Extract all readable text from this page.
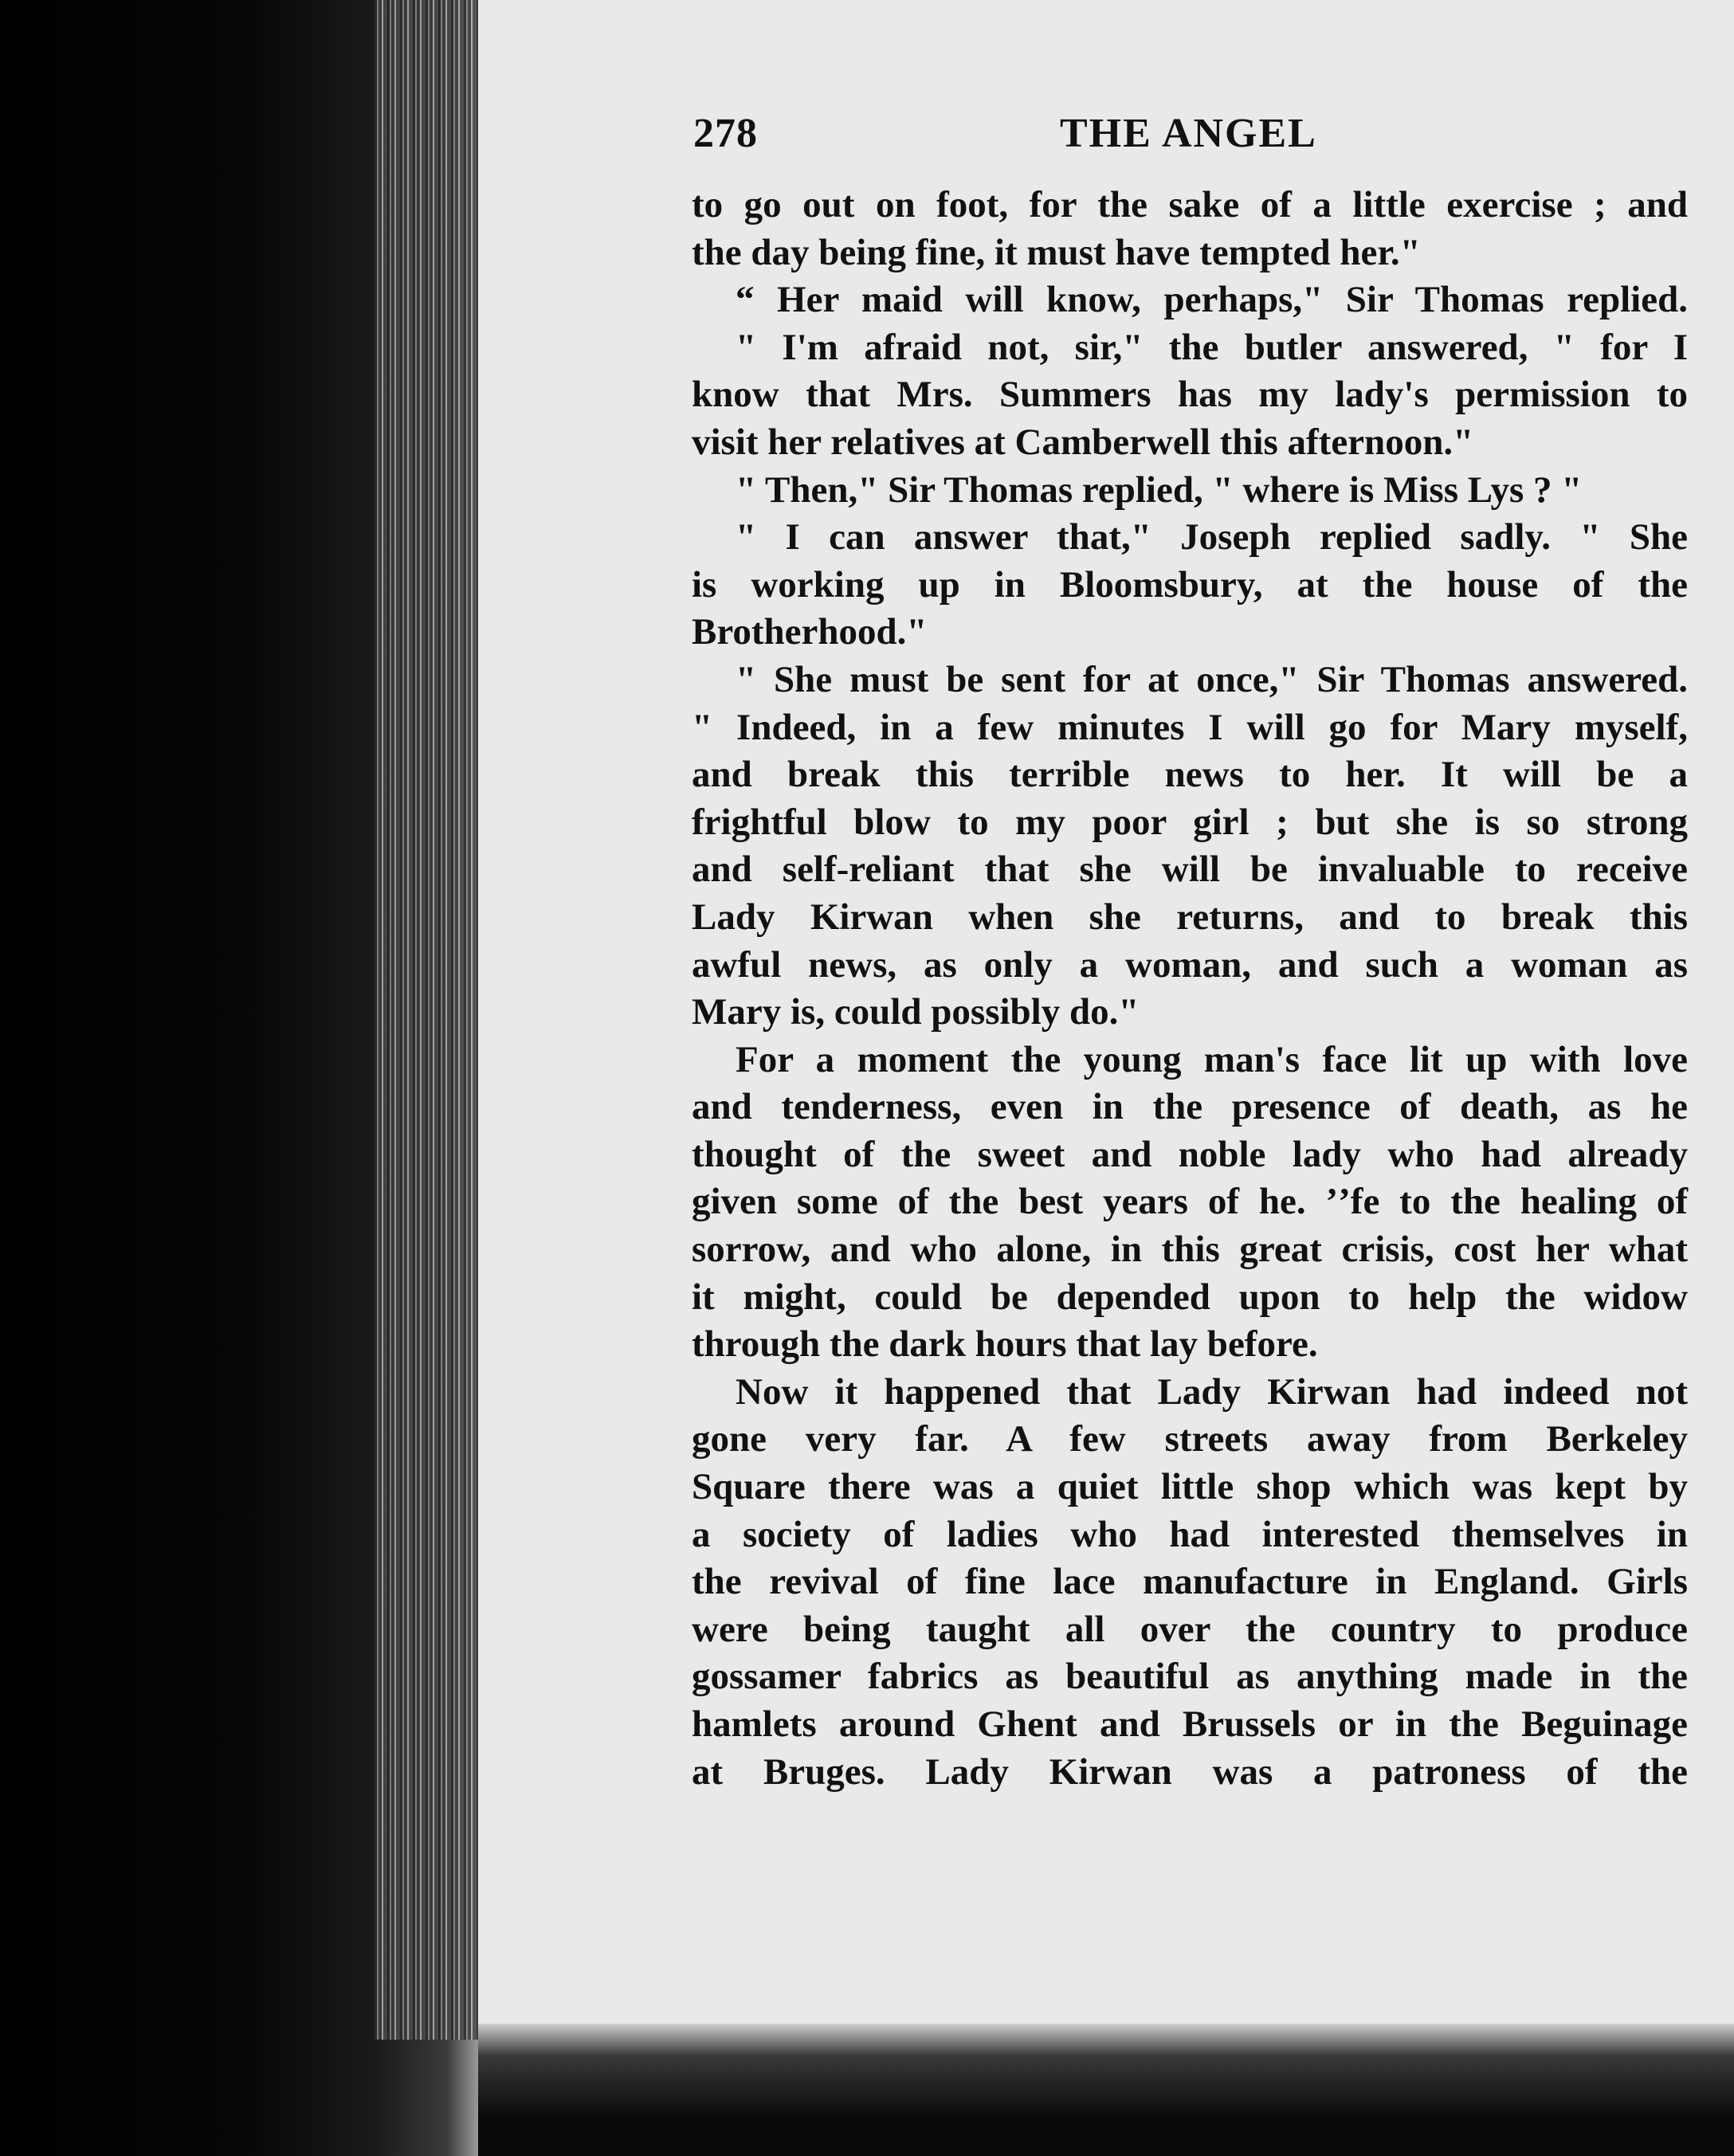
278	THE ANGEL
to go out on foot, for the sake of a little exercise ; and
the day being fine, it must have tempted her."
“ Her maid will know, perhaps," Sir Thomas replied.
" I'm afraid not, sir," the butler answered, " for I
know that Mrs. Summers has my lady's permission to
visit her relatives at Camberwell this afternoon."
" Then," Sir Thomas replied, " where is Miss Lys ? "
" I can answer that," Joseph replied sadly. " She
is working up in Bloomsbury, at the house of the
Brotherhood."
" She must be sent for at once," Sir Thomas answered.
" Indeed, in a few minutes I will go for Mary myself,
and break this terrible news to her. It will be a
frightful blow to my poor girl ; but she is so strong
and self-reliant that she will be invaluable to receive
Lady Kirwan when she returns, and to break this
awful news, as only a woman, and such a woman as
Mary is, could possibly do."
For a moment the young man's face lit up with love
and tenderness, even in the presence of death, as he
thought of the sweet and noble lady who had already
given some of the best years of he. ʼʼfe to the healing of
sorrow, and who alone, in this great crisis, cost her what
it might, could be depended upon to help the widow
through the dark hours that lay before.
Now it happened that Lady Kirwan had indeed not
gone very far. A few streets away from Berkeley
Square there was a quiet little shop which was kept by
a society of ladies who had interested themselves in
the revival of fine lace manufacture in England. Girls
were being taught all over the country to produce
gossamer fabrics as beautiful as anything made in the
hamlets around Ghent and Brussels or in the Beguinage
at Bruges. Lady Kirwan was a patroness of the
